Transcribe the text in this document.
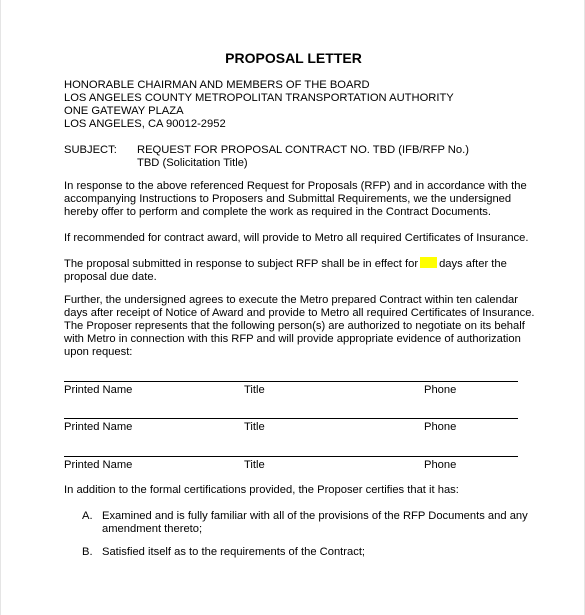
PROPOSAL LETTER
HONORABLE CHAIRMAN AND MEMBERS OF THE BOARD
LOS ANGELES COUNTY METROPOLITAN TRANSPORTATION AUTHORITY
ONE GATEWAY PLAZA
LOS ANGELES, CA 90012-2952
SUBJECT: REQUEST FOR PROPOSAL CONTRACT NO. TBD (IFB/RFP No.)
TBD (Solicitation Title)
In response to the above referenced Request for Proposals (RFP) and in accordance with the
accompanying Instructions to Proposers and Submittal Requirements, we the undersigned
hereby offer to perform and complete the work as required in the Contract Documents.
If recommended for contract award, will provide to Metro all required Certificates of Insurance.
The proposal submitted in response to subject RFP shall be in effect for days after the
proposal due date.
Further, the undersigned agrees to execute the Metro prepared Contract within ten calendar
days after receipt of Notice of Award and provide to Metro all required Certificates of Insurance.
The Proposer represents that the following person(s) are authorized to negotiate on its behalf
with Metro in connection with this RFP and will provide appropriate evidence of authorization
upon request:
Printed Name	Title	Phone
Printed Name	Title	Phone
Printed Name	Title	Phone
In addition to the formal certifications provided, the Proposer certifies that it has:
A. Examined and is fully familiar with all of the provisions of the RFP Documents and any
amendment thereto;
B. Satisfied itself as to the requirements of the Contract;
